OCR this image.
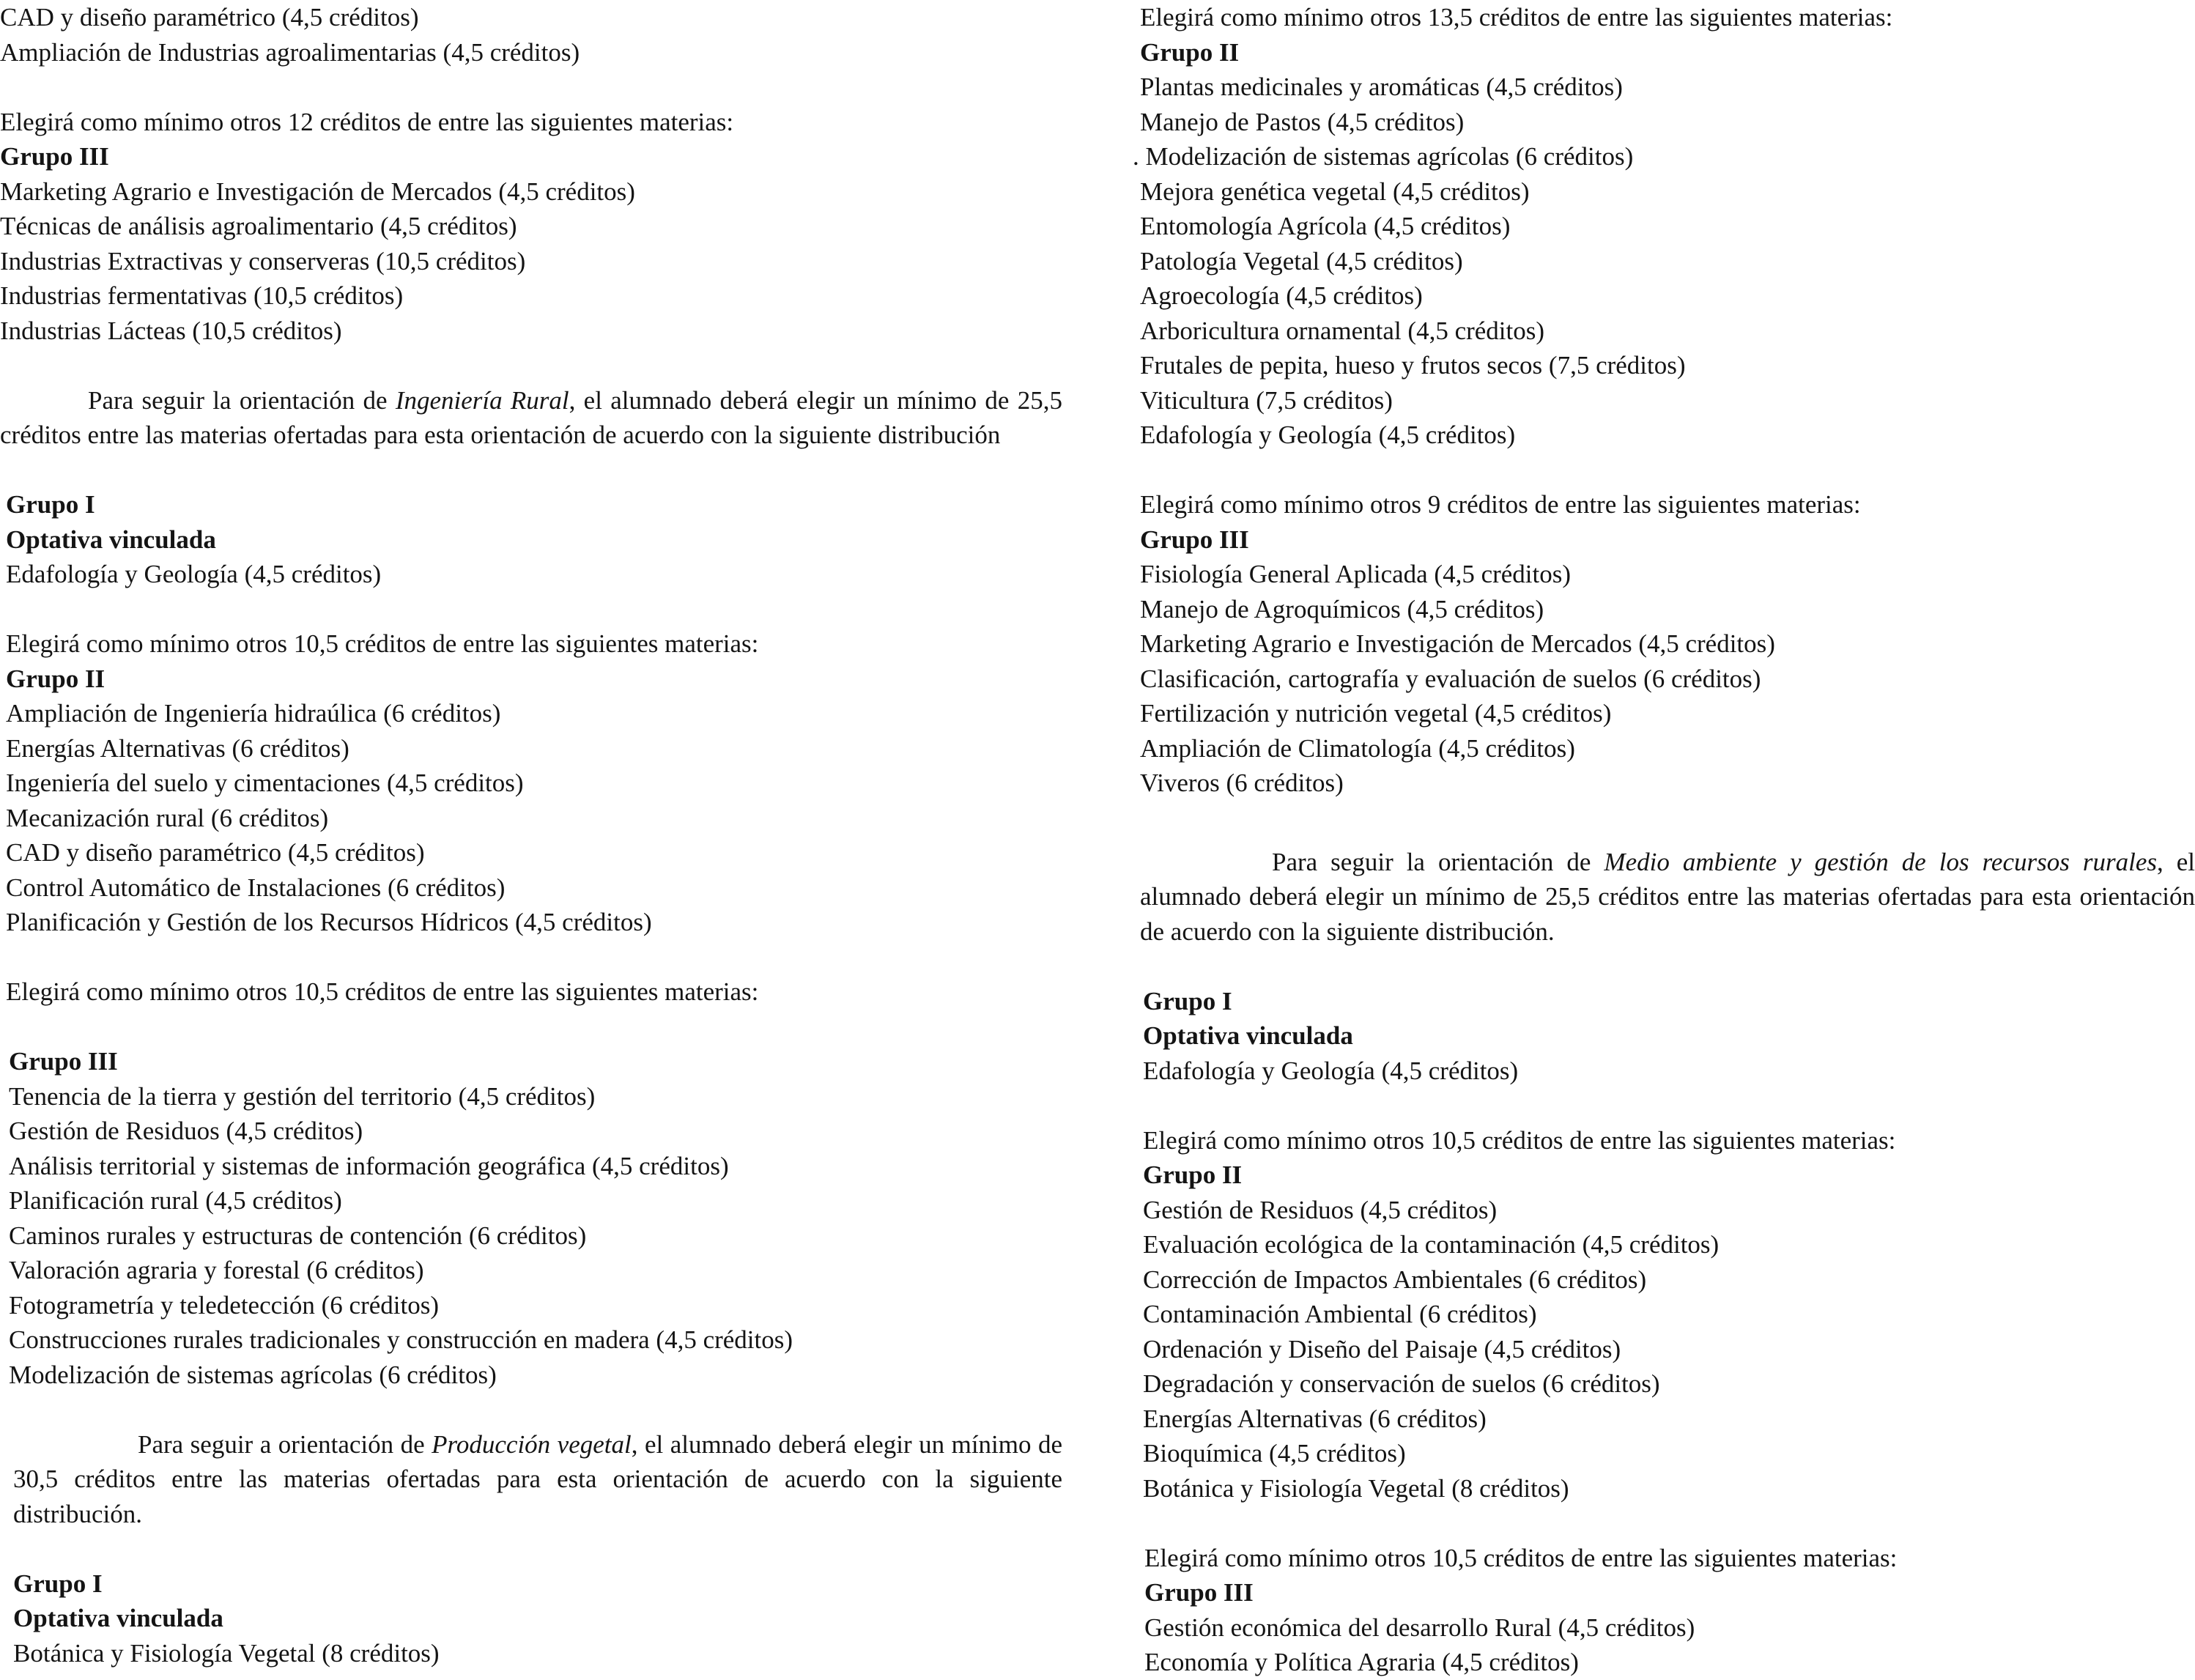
CAD y diseño paramétrico (4,5 créditos)
Ampliación de Industrias agroalimentarias (4,5 créditos)
Elegirá como mínimo otros 12 créditos de entre las siguientes materias:
Grupo III
Marketing Agrario e Investigación de Mercados (4,5 créditos)
Técnicas de análisis agroalimentario (4,5 créditos)
Industrias Extractivas y conserveras (10,5 créditos)
Industrias fermentativas (10,5 créditos)
Industrias Lácteas (10,5 créditos)
Para seguir la orientación de Ingeniería Rural, el alumnado deberá elegir un mínimo de 25,5 créditos entre las materias ofertadas para esta orientación de acuerdo con la siguiente distribución
Grupo I
Optativa vinculada
Edafología y Geología (4,5 créditos)
Elegirá como mínimo otros 10,5 créditos de entre las siguientes materias:
Grupo II
Ampliación de Ingeniería hidraúlica (6 créditos)
Energías Alternativas (6 créditos)
Ingeniería del suelo y cimentaciones (4,5 créditos)
Mecanización rural (6 créditos)
CAD y diseño paramétrico (4,5 créditos)
Control Automático de Instalaciones (6 créditos)
Planificación y Gestión de los Recursos Hídricos (4,5 créditos)
Elegirá como mínimo otros 10,5 créditos de entre las siguientes materias:
Grupo III
Tenencia de la tierra y gestión del territorio (4,5 créditos)
Gestión de Residuos (4,5 créditos)
Análisis territorial y sistemas de información geográfica (4,5 créditos)
Planificación rural (4,5 créditos)
Caminos rurales y estructuras de contención (6 créditos)
Valoración agraria y forestal (6 créditos)
Fotogrametría y teledetección (6 créditos)
Construcciones rurales tradicionales y construcción en madera (4,5 créditos)
Modelización de sistemas agrícolas (6 créditos)
Para seguir a orientación de Producción vegetal, el alumnado deberá elegir un mínimo de 30,5 créditos entre las materias ofertadas para esta orientación de acuerdo con la siguiente distribución.
Grupo I
Optativa vinculada
Botánica y Fisiología Vegetal (8 créditos)
Elegirá como mínimo otros 13,5 créditos de entre las siguientes materias:
Grupo II
Plantas medicinales y aromáticas (4,5 créditos)
Manejo de Pastos (4,5 créditos)
. Modelización de sistemas agrícolas (6 créditos)
Mejora genética vegetal (4,5 créditos)
Entomología Agrícola (4,5 créditos)
Patología Vegetal (4,5 créditos)
Agroecología (4,5 créditos)
Arboricultura ornamental (4,5 créditos)
Frutales de pepita, hueso y frutos secos (7,5 créditos)
Viticultura (7,5 créditos)
Edafología y Geología (4,5 créditos)
Elegirá como mínimo otros 9 créditos de entre las siguientes materias:
Grupo III
Fisiología General Aplicada (4,5 créditos)
Manejo de Agroquímicos (4,5 créditos)
Marketing Agrario e Investigación de Mercados (4,5 créditos)
Clasificación, cartografía y evaluación de suelos (6 créditos)
Fertilización y nutrición vegetal (4,5 créditos)
Ampliación de Climatología (4,5 créditos)
Viveros (6 créditos)
Para seguir la orientación de Medio ambiente y gestión de los recursos rurales, el alumnado deberá elegir un mínimo de 25,5 créditos entre las materias ofertadas para esta orientación de acuerdo con la siguiente distribución.
Grupo I
Optativa vinculada
Edafología y Geología (4,5 créditos)
Elegirá como mínimo otros 10,5 créditos de entre las siguientes materias:
Grupo II
Gestión de Residuos (4,5 créditos)
Evaluación ecológica de la contaminación (4,5 créditos)
Corrección de Impactos Ambientales (6 créditos)
Contaminación Ambiental (6 créditos)
Ordenación y Diseño del Paisaje (4,5 créditos)
Degradación y conservación de suelos (6 créditos)
Energías Alternativas (6 créditos)
Bioquímica (4,5 créditos)
Botánica y Fisiología Vegetal (8 créditos)
Elegirá como mínimo otros 10,5 créditos de entre las siguientes materias:
Grupo III
Gestión económica del desarrollo Rural (4,5 créditos)
Economía y Política Agraria (4,5 créditos)
